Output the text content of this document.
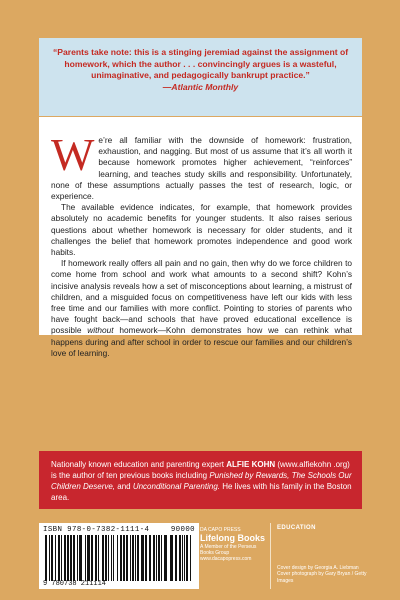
“Parents take note: this is a stinging jeremiad against the assignment of homework, which the author . . . convincingly argues is a wasteful, unimaginative, and pedagogically bankrupt practice.”
—Atlantic Monthly

We’re all familiar with the downside of homework: frustration, exhaustion, and nagging. But most of us assume that it’s all worth it because homework promotes higher achievement, “reinforces” learning, and teaches study skills and responsibility. Unfortunately, none of these assumptions actually passes the test of research, logic, or experience.

The available evidence indicates, for example, that homework provides absolutely no academic benefits for younger students. It also raises serious questions about whether homework is necessary for older students, and it challenges the belief that homework promotes independence and good work habits.

If homework really offers all pain and no gain, then why do we force children to come home from school and work what amounts to a second shift? Kohn’s incisive analysis reveals how a set of misconceptions about learning, a mistrust of children, and a misguided focus on competitiveness have left our kids with less free time and our families with more conflict. Pointing to stories of parents who have fought back—and schools that have proved educational excellence is possible without homework—Kohn demonstrates how we can rethink what happens during and after school in order to rescue our families and our children’s love of learning.

Nationally known education and parenting expert ALFIE KOHN (www.alfiekohn .org) is the author of ten previous books including Punished by Rewards, The Schools Our Children Deserve, and Unconditional Parenting. He lives with his family in the Boston area.
ISBN 978-0-7382-1111-4	90000
9 780738 211114
DA CAPO PRESS
Lifelong Books
A Member of the Perseus Books Group
www.dacapopress.com
EDUCATION
Cover design by Georgia A. Liebman
Cover photograph by Gary Bryan / Getty Images
